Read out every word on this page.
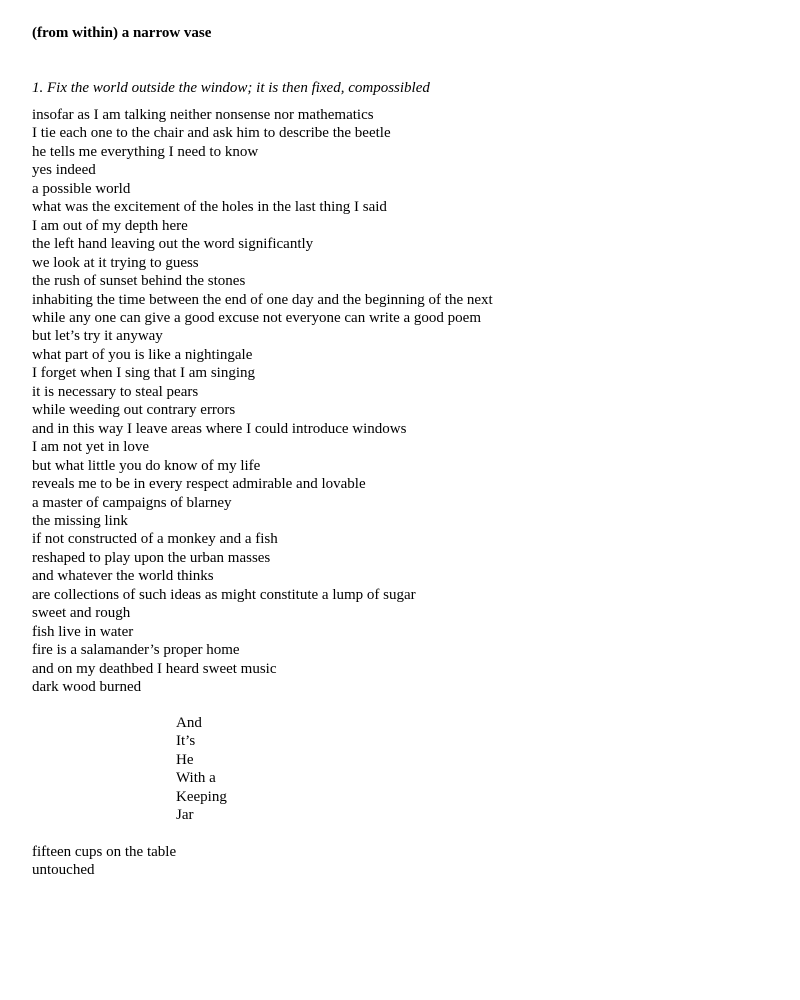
(from within) a narrow vase
1. Fix the world outside the window; it is then fixed, compossibled
insofar as I am talking neither nonsense nor mathematics
I tie each one to the chair and ask him to describe the beetle
he tells me everything I need to know
yes indeed
a possible world
what was the excitement of the holes in the last thing I said
I am out of my depth here
the left hand leaving out the word significantly
we look at it trying to guess
the rush of sunset behind the stones
inhabiting the time between the end of one day and the beginning of the next
while any one can give a good excuse not everyone can write a good poem
but let’s try it anyway
what part of you is like a nightingale
I forget when I sing that I am singing
it is necessary to steal pears
while weeding out contrary errors
and in this way I leave areas where I could introduce windows
I am not yet in love
but what little you do know of my life
reveals me to be in every respect admirable and lovable
a master of campaigns of blarney
the missing link
if not constructed of a monkey and a fish
reshaped to play upon the urban masses
and whatever the world thinks
are collections of such ideas as might constitute a lump of sugar
sweet and rough
fish live in water
fire is a salamander’s proper home
and on my deathbed I heard sweet music
dark wood burned
And
It’s
He
With a
Keeping
Jar
fifteen cups on the table
untouched
